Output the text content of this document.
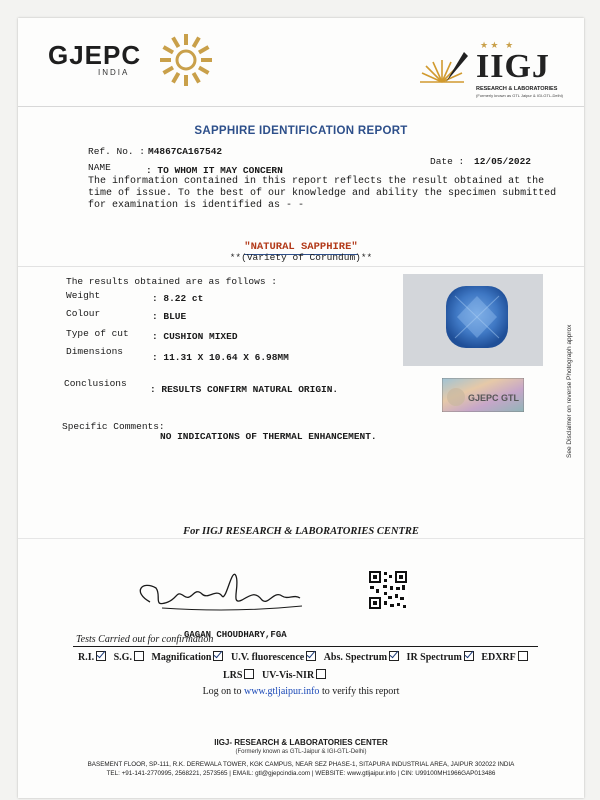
GJEPC
INDIA
★ ★   ★
IIGJ
RESEARCH & LABORATORIES
(Formerly known as GTL Jaipur & IGI-GTL-Delhi)
SAPPHIRE IDENTIFICATION REPORT
Ref. No. : M4867CA167542
Date : 12/05/2022
NAME	: TO WHOM IT MAY CONCERN
The information contained in this report reflects the result obtained at the time of issue. To the best of our knowledge and ability the specimen submitted for examination is identified as - -
"NATURAL SAPPHIRE"
**(Variety of Corundum)**
The results obtained are as follows :
Weight	: 8.22 ct
Colour	: BLUE
Type of cut : CUSHION MIXED
Dimensions
: 11.31 X 10.64 X 6.98MM
Conclusions
: RESULTS CONFIRM NATURAL ORIGIN.
Specific Comments:
NO INDICATIONS OF THERMAL ENHANCEMENT.
GJEPC GTL	See Disclaimer on reverse Photograph approx
For IIGJ RESEARCH & LABORATORIES CENTRE
GAGAN CHOUDHARY,FGA
Tests Carried out for confirmation
R.I. S.G. Magnification U.V. fluorescence Abs. Spectrum IR Spectrum EDXRF
LRS UV-Vis-NIR
Log on to www.gtljaipur.info to verify this report
IIGJ- RESEARCH & LABORATORIES CENTER
(Formerly known as GTL-Jaipur & IGI-GTL-Delhi)
BASEMENT FLOOR, SP-111, R.K. DEREWALA TOWER, KGK CAMPUS, NEAR SEZ PHASE-1, SITAPURA INDUSTRIAL AREA, JAIPUR 302022 INDIA
TEL: +91-141-2770995, 2568221, 2573565 | EMAIL: gtl@gjepcindia.com | WEBSITE: www.gtljaipur.info | CIN: U99100MH1966GAP013486
